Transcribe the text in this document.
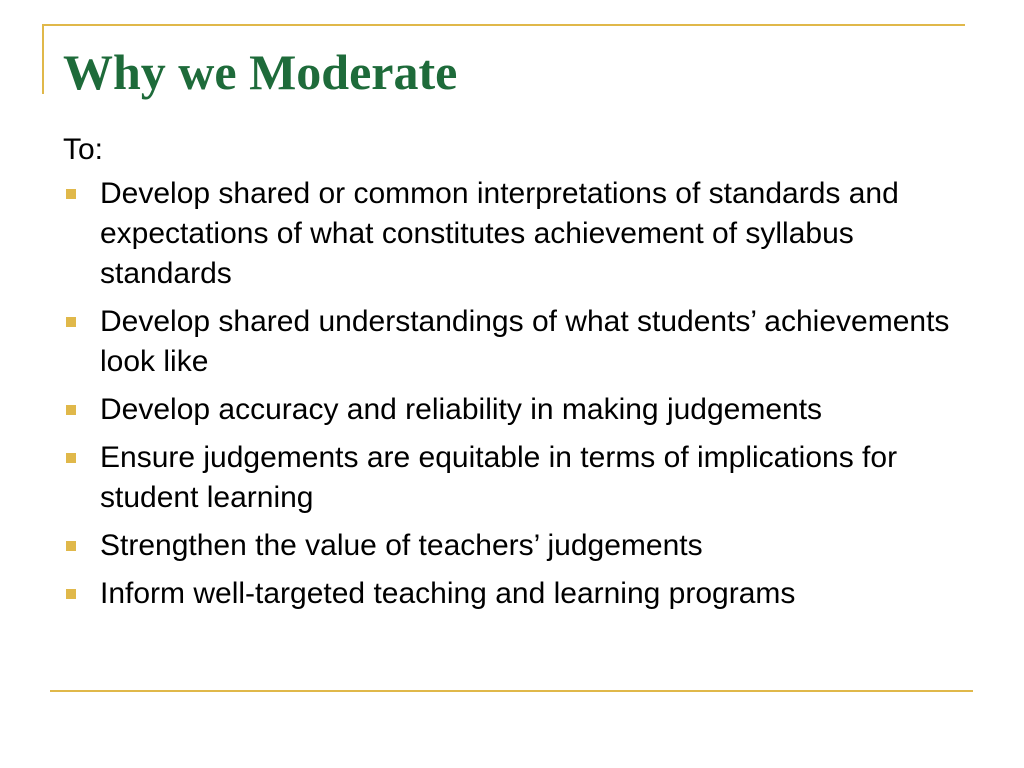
Why we Moderate

To:

Develop shared or common interpretations of standards and expectations of what constitutes achievement of syllabus standards
Develop shared understandings of what students’ achievements look like
Develop accuracy and reliability in making judgements
Ensure judgements are equitable in terms of implications for student learning
Strengthen the value of teachers’ judgements
Inform well-targeted teaching and learning programs
